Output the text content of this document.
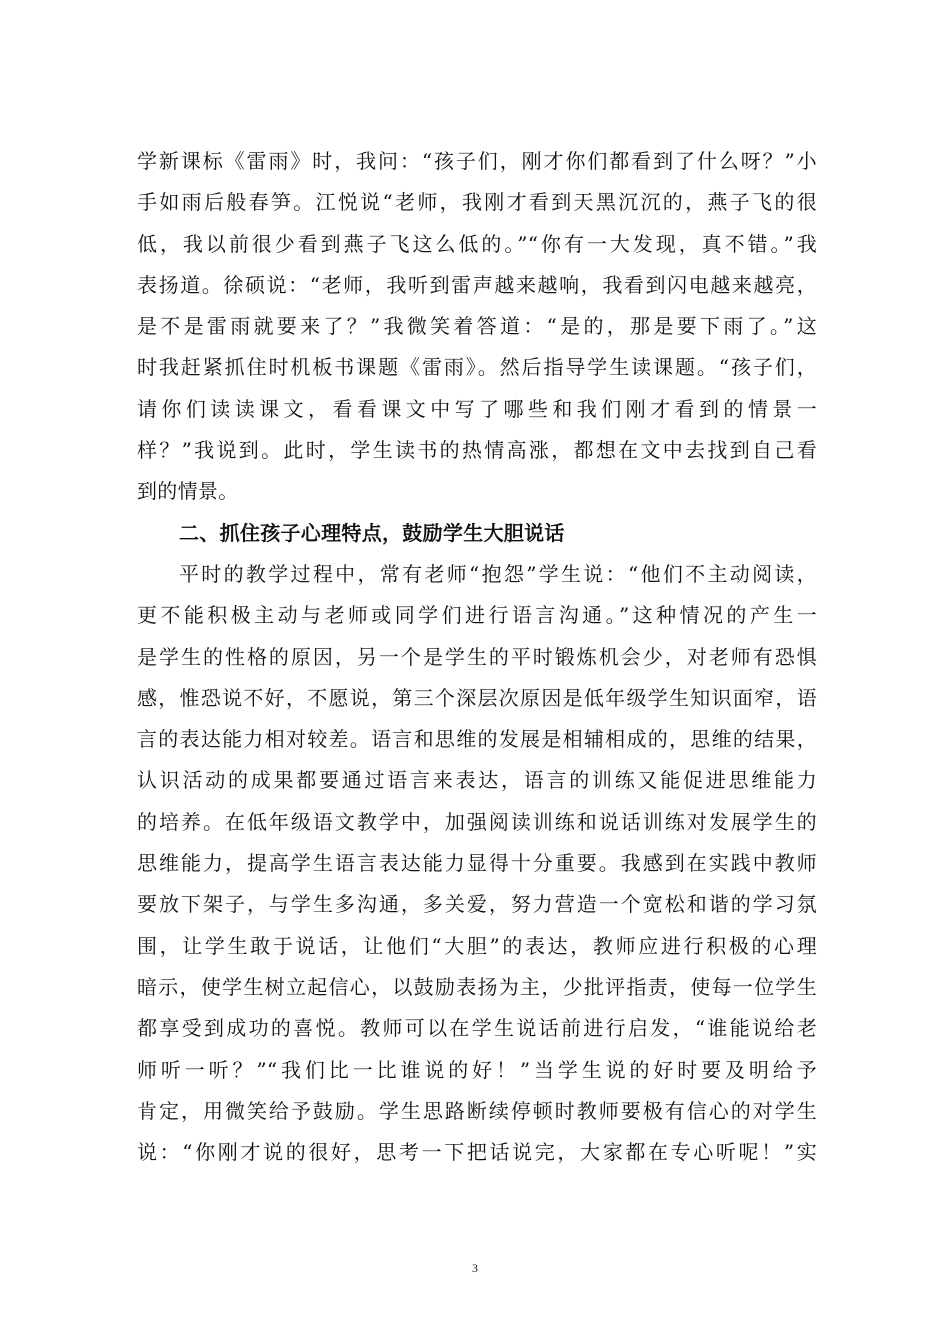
学新课标《雷雨》时，我问：“孩子们，刚才你们都看到了什么呀？”小
手如雨后般春笋。江悦说“老师，我刚才看到天黑沉沉的，燕子飞的很
低，我以前很少看到燕子飞这么低的。”“你有一大发现，真不错。”我
表扬道。徐硕说：“老师，我听到雷声越来越响，我看到闪电越来越亮，
是不是雷雨就要来了？”我微笑着答道：“是的，那是要下雨了。”这
时我赶紧抓住时机板书课题《雷雨》。然后指导学生读课题。“孩子们，
请你们读读课文，看看课文中写了哪些和我们刚才看到的情景一
样？”我说到。此时，学生读书的热情高涨，都想在文中去找到自己看
到的情景。
二、抓住孩子心理特点，鼓励学生大胆说话
平时的教学过程中，常有老师“抱怨”学生说：“他们不主动阅读，
更不能积极主动与老师或同学们进行语言沟通。”这种情况的产生一
是学生的性格的原因，另一个是学生的平时锻炼机会少，对老师有恐惧
感，惟恐说不好，不愿说，第三个深层次原因是低年级学生知识面窄，语
言的表达能力相对较差。语言和思维的发展是相辅相成的，思维的结果，
认识活动的成果都要通过语言来表达，语言的训练又能促进思维能力
的培养。在低年级语文教学中，加强阅读训练和说话训练对发展学生的
思维能力，提高学生语言表达能力显得十分重要。我感到在实践中教师
要放下架子，与学生多沟通，多关爱，努力营造一个宽松和谐的学习氛
围，让学生敢于说话，让他们“大胆”的表达，教师应进行积极的心理
暗示，使学生树立起信心，以鼓励表扬为主，少批评指责，使每一位学生
都享受到成功的喜悦。教师可以在学生说话前进行启发，“谁能说给老
师听一听？”“我们比一比谁说的好！”当学生说的好时要及明给予
肯定，用微笑给予鼓励。学生思路断续停顿时教师要极有信心的对学生
说：“你刚才说的很好，思考一下把话说完，大家都在专心听呢！”实
3
